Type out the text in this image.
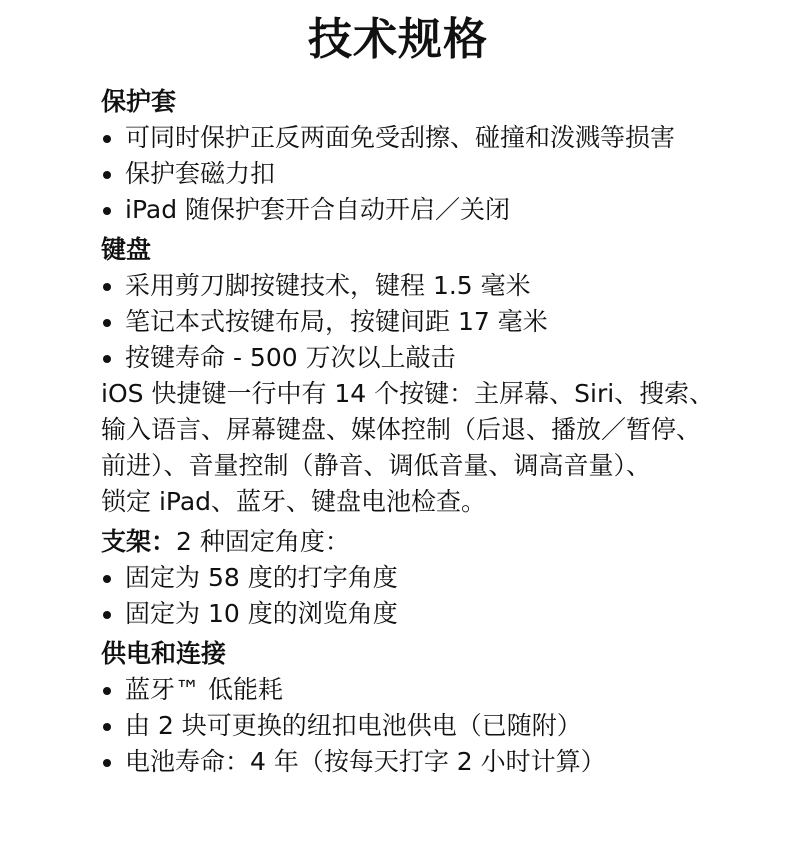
技术规格
保护套
可同时保护正反两面免受刮擦、碰撞和泼溅等损害
保护套磁力扣
iPad 随保护套开合自动开启／关闭
键盘
采用剪刀脚按键技术，键程 1.5 毫米
笔记本式按键布局，按键间距 17 毫米
按键寿命 - 500 万次以上敲击
iOS 快捷键一行中有 14 个按键：主屏幕、Siri、搜索、
输入语言、屏幕键盘、媒体控制（后退、播放／暂停、
前进）、音量控制（静音、调低音量、调高音量）、
锁定 iPad、蓝牙、键盘电池检查。
支架：2 种固定角度：
固定为 58 度的打字角度
固定为 10 度的浏览角度
供电和连接
蓝牙™ 低能耗
由 2 块可更换的纽扣电池供电（已随附）
电池寿命：4 年（按每天打字 2 小时计算）
